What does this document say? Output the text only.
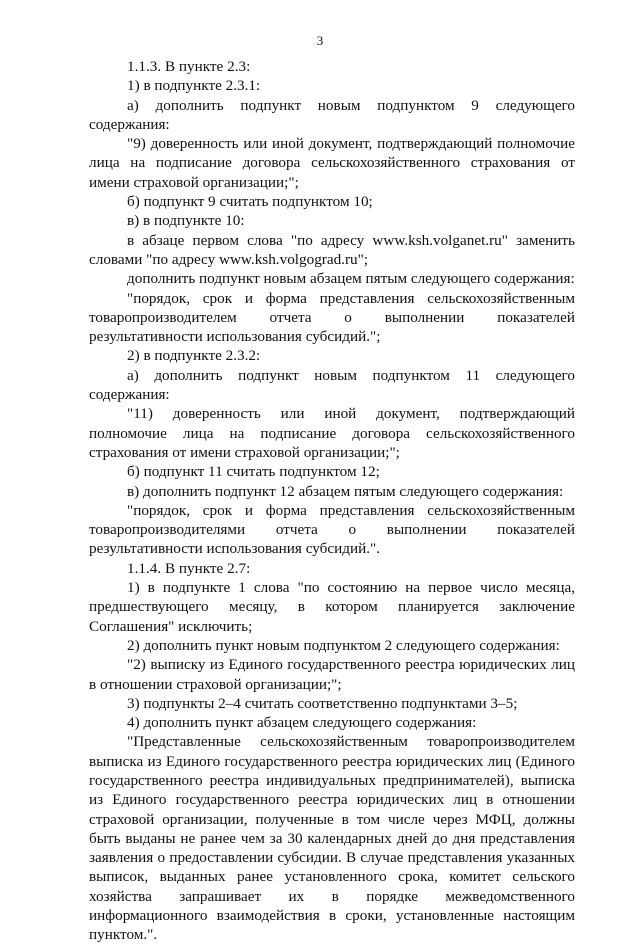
3

1.1.3. В пункте 2.3:

1) в подпункте 2.3.1:

а) дополнить подпункт новым подпунктом 9 следующего содержания:

"9) доверенность или иной документ, подтверждающий полномочие лица на подписание договора сельскохозяйственного страхования от имени страховой организации;";

б) подпункт 9 считать подпунктом 10;

в) в подпункте 10:

в абзаце первом слова "по адресу www.ksh.volganet.ru" заменить словами "по адресу www.ksh.volgograd.ru";

дополнить подпункт новым абзацем пятым следующего содержания:

"порядок, срок и форма представления сельскохозяйственным товаропроизводителем отчета о выполнении показателей результативности использования субсидий.";

2) в подпункте 2.3.2:

а) дополнить подпункт новым подпунктом 11 следующего содержания:

"11) доверенность или иной документ, подтверждающий полномочие лица на подписание договора сельскохозяйственного страхования от имени страховой организации;";

б) подпункт 11 считать подпунктом 12;

в) дополнить подпункт 12 абзацем пятым следующего содержания:

"порядок, срок и форма представления сельскохозяйственным товаропроизводителями отчета о выполнении показателей результативности использования субсидий.".

1.1.4. В пункте 2.7:

1) в подпункте 1 слова "по состоянию на первое число месяца, предшествующего месяцу, в котором планируется заключение Соглашения" исключить;

2) дополнить пункт новым подпунктом 2 следующего содержания:

"2) выписку из Единого государственного реестра юридических лиц в отношении страховой организации;";

3) подпункты 2–4 считать соответственно подпунктами 3–5;

4) дополнить пункт абзацем следующего содержания:

"Представленные сельскохозяйственным товаропроизводителем выписка из Единого государственного реестра юридических лиц (Единого государственного реестра индивидуальных предпринимателей), выписка из Единого государственного реестра юридических лиц в отношении страховой организации, полученные в том числе через МФЦ, должны быть выданы не ранее чем за 30 календарных дней до дня представления заявления о предоставлении субсидии. В случае представления указанных выписок, выданных ранее установленного срока, комитет сельского хозяйства запрашивает их в порядке межведомственного информационного взаимодействия в сроки, установленные настоящим пунктом.".
